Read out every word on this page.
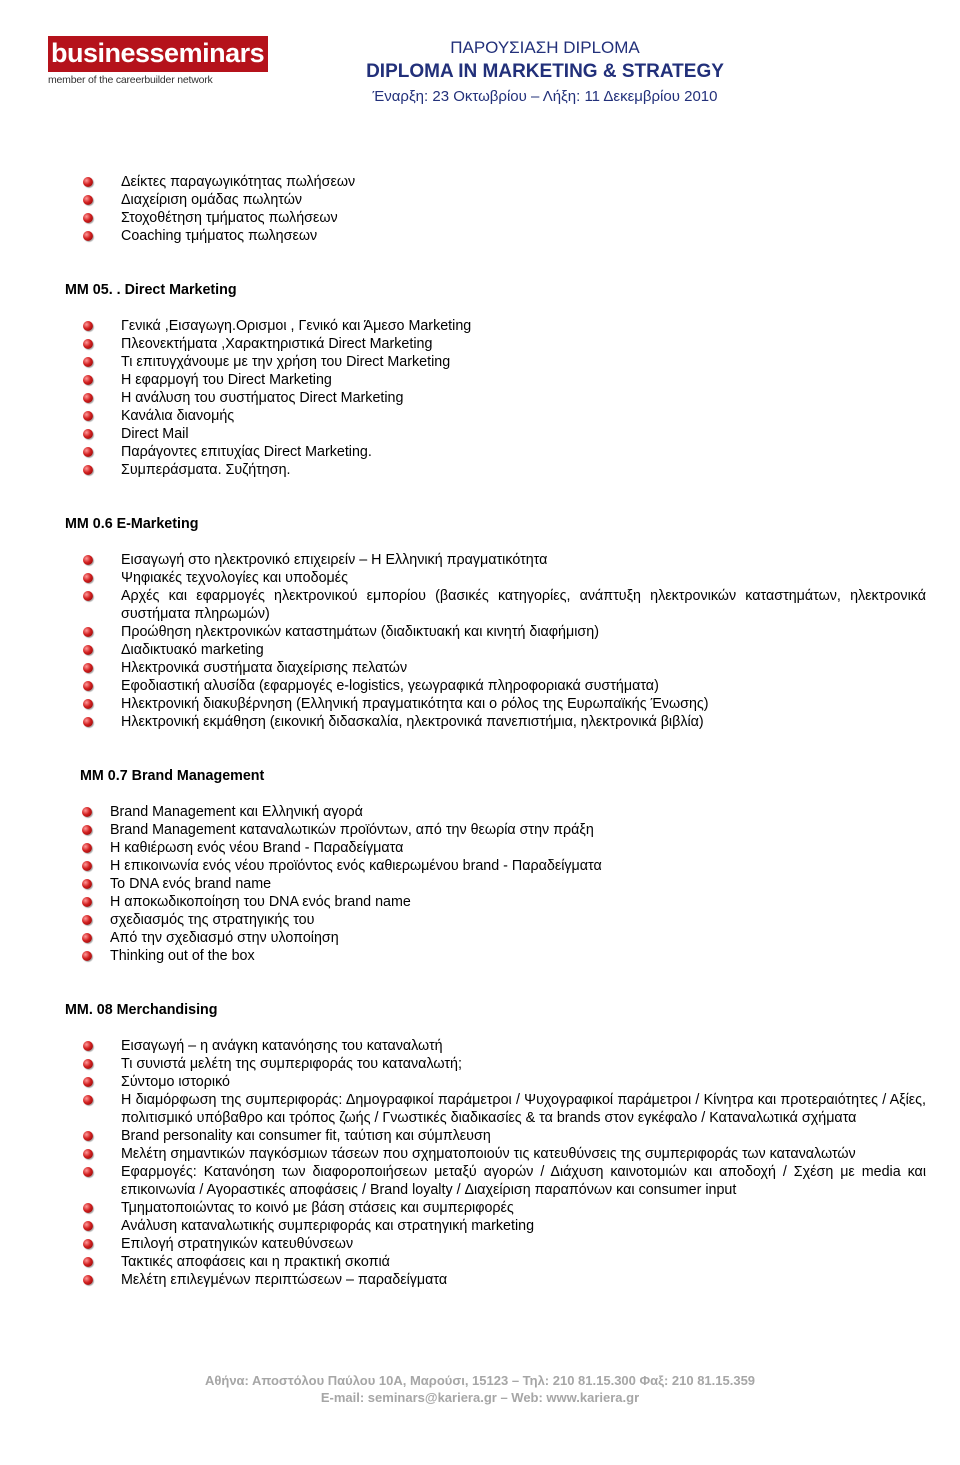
businesseminars
member of the careerbuilder network
ΠΑΡΟΥΣΙΑΣΗ DIPLOMA
DIPLOMA IN MARKETING & STRATEGY
Έναρξη: 23 Οκτωβρίου – Λήξη: 11 Δεκεμβρίου 2010
Δείκτες παραγωγικότητας πωλήσεων
Διαχείριση ομάδας πωλητών
Στοχοθέτηση τμήματος πωλήσεων
Coaching τμήματος πωλησεων
MM 05. . Direct Marketing
Γενικά ,Εισαγωγη.Ορισμοι , Γενικό και Άμεσο Marketing
Πλεονεκτήματα ,Χαρακτηριστικά Direct Marketing
Τι επιτυγχάνουμε με την χρήση του Direct Marketing
Η εφαρμογή του Direct Marketing
Η ανάλυση του συστήματος Direct Marketing
Κανάλια διανομής
Direct Mail
Παράγοντες επιτυχίας Direct Marketing.
Συμπεράσματα. Συζήτηση.
MM 0.6 E-Marketing
Εισαγωγή στο ηλεκτρονικό επιχειρείν – Η Ελληνική πραγματικότητα
Ψηφιακές τεχνολογίες και υποδομές
Αρχές και εφαρμογές ηλεκτρονικού εμπορίου (βασικές κατηγορίες, ανάπτυξη ηλεκτρονικών καταστημάτων, ηλεκτρονικά συστήματα πληρωμών)
Προώθηση ηλεκτρονικών καταστημάτων (διαδικτυακή και κινητή διαφήμιση)
Διαδικτυακό marketing
Ηλεκτρονικά συστήματα διαχείρισης πελατών
Εφοδιαστική αλυσίδα (εφαρμογές e-logistics, γεωγραφικά πληροφοριακά συστήματα)
Ηλεκτρονική διακυβέρνηση (Ελληνική πραγματικότητα και ο ρόλος της Ευρωπαϊκής Ένωσης)
Ηλεκτρονική εκμάθηση (εικονική διδασκαλία, ηλεκτρονικά πανεπιστήμια, ηλεκτρονικά βιβλία)
MM 0.7 Brand Management
Brand Management και Ελληνική αγορά
Brand Management καταναλωτικών προϊόντων, από την θεωρία στην πράξη
Η καθιέρωση ενός νέου Brand - Παραδείγματα
Η επικοινωνία ενός νέου προϊόντος ενός καθιερωμένου brand - Παραδείγματα
Το DNA ενός brand name
Η αποκωδικοποίηση του DNA ενός brand name
σχεδιασμός της στρατηγικής του
Από την σχεδιασμό στην υλοποίηση
Thinking out of the box
MM. 08 Merchandising
Εισαγωγή – η ανάγκη κατανόησης του καταναλωτή
Τι συνιστά μελέτη της συμπεριφοράς του καταναλωτή;
Σύντομο ιστορικό
Η διαμόρφωση της συμπεριφοράς: Δημογραφικοί παράμετροι / Ψυχογραφικοί παράμετροι / Κίνητρα και προτεραιότητες / Αξίες, πολιτισμικό υπόβαθρο και τρόπος ζωής / Γνωστικές διαδικασίες & τα brands στον εγκέφαλο / Καταναλωτικά σχήματα
Brand personality και consumer fit, ταύτιση και σύμπλευση
Μελέτη σημαντικών παγκόσμιων τάσεων που σχηματοποιούν τις κατευθύνσεις της συμπεριφοράς των καταναλωτών
Εφαρμογές: Κατανόηση των διαφοροποιήσεων μεταξύ αγορών / Διάχυση καινοτομιών και αποδοχή / Σχέση με media και επικοινωνία / Αγοραστικές αποφάσεις / Brand loyalty / Διαχείριση παραπόνων και consumer input
Τμηματοποιώντας το κοινό με βάση στάσεις και συμπεριφορές
Ανάλυση καταναλωτικής συμπεριφοράς και στρατηγική marketing
Επιλογή στρατηγικών κατευθύνσεων
Τακτικές αποφάσεις και η πρακτική σκοπιά
Μελέτη επιλεγμένων περιπτώσεων – παραδείγματα
Αθήνα: Αποστόλου Παύλου 10Α, Μαρούσι, 15123 – Τηλ: 210 81.15.300 Φαξ: 210 81.15.359
E-mail: seminars@kariera.gr – Web: www.kariera.gr
